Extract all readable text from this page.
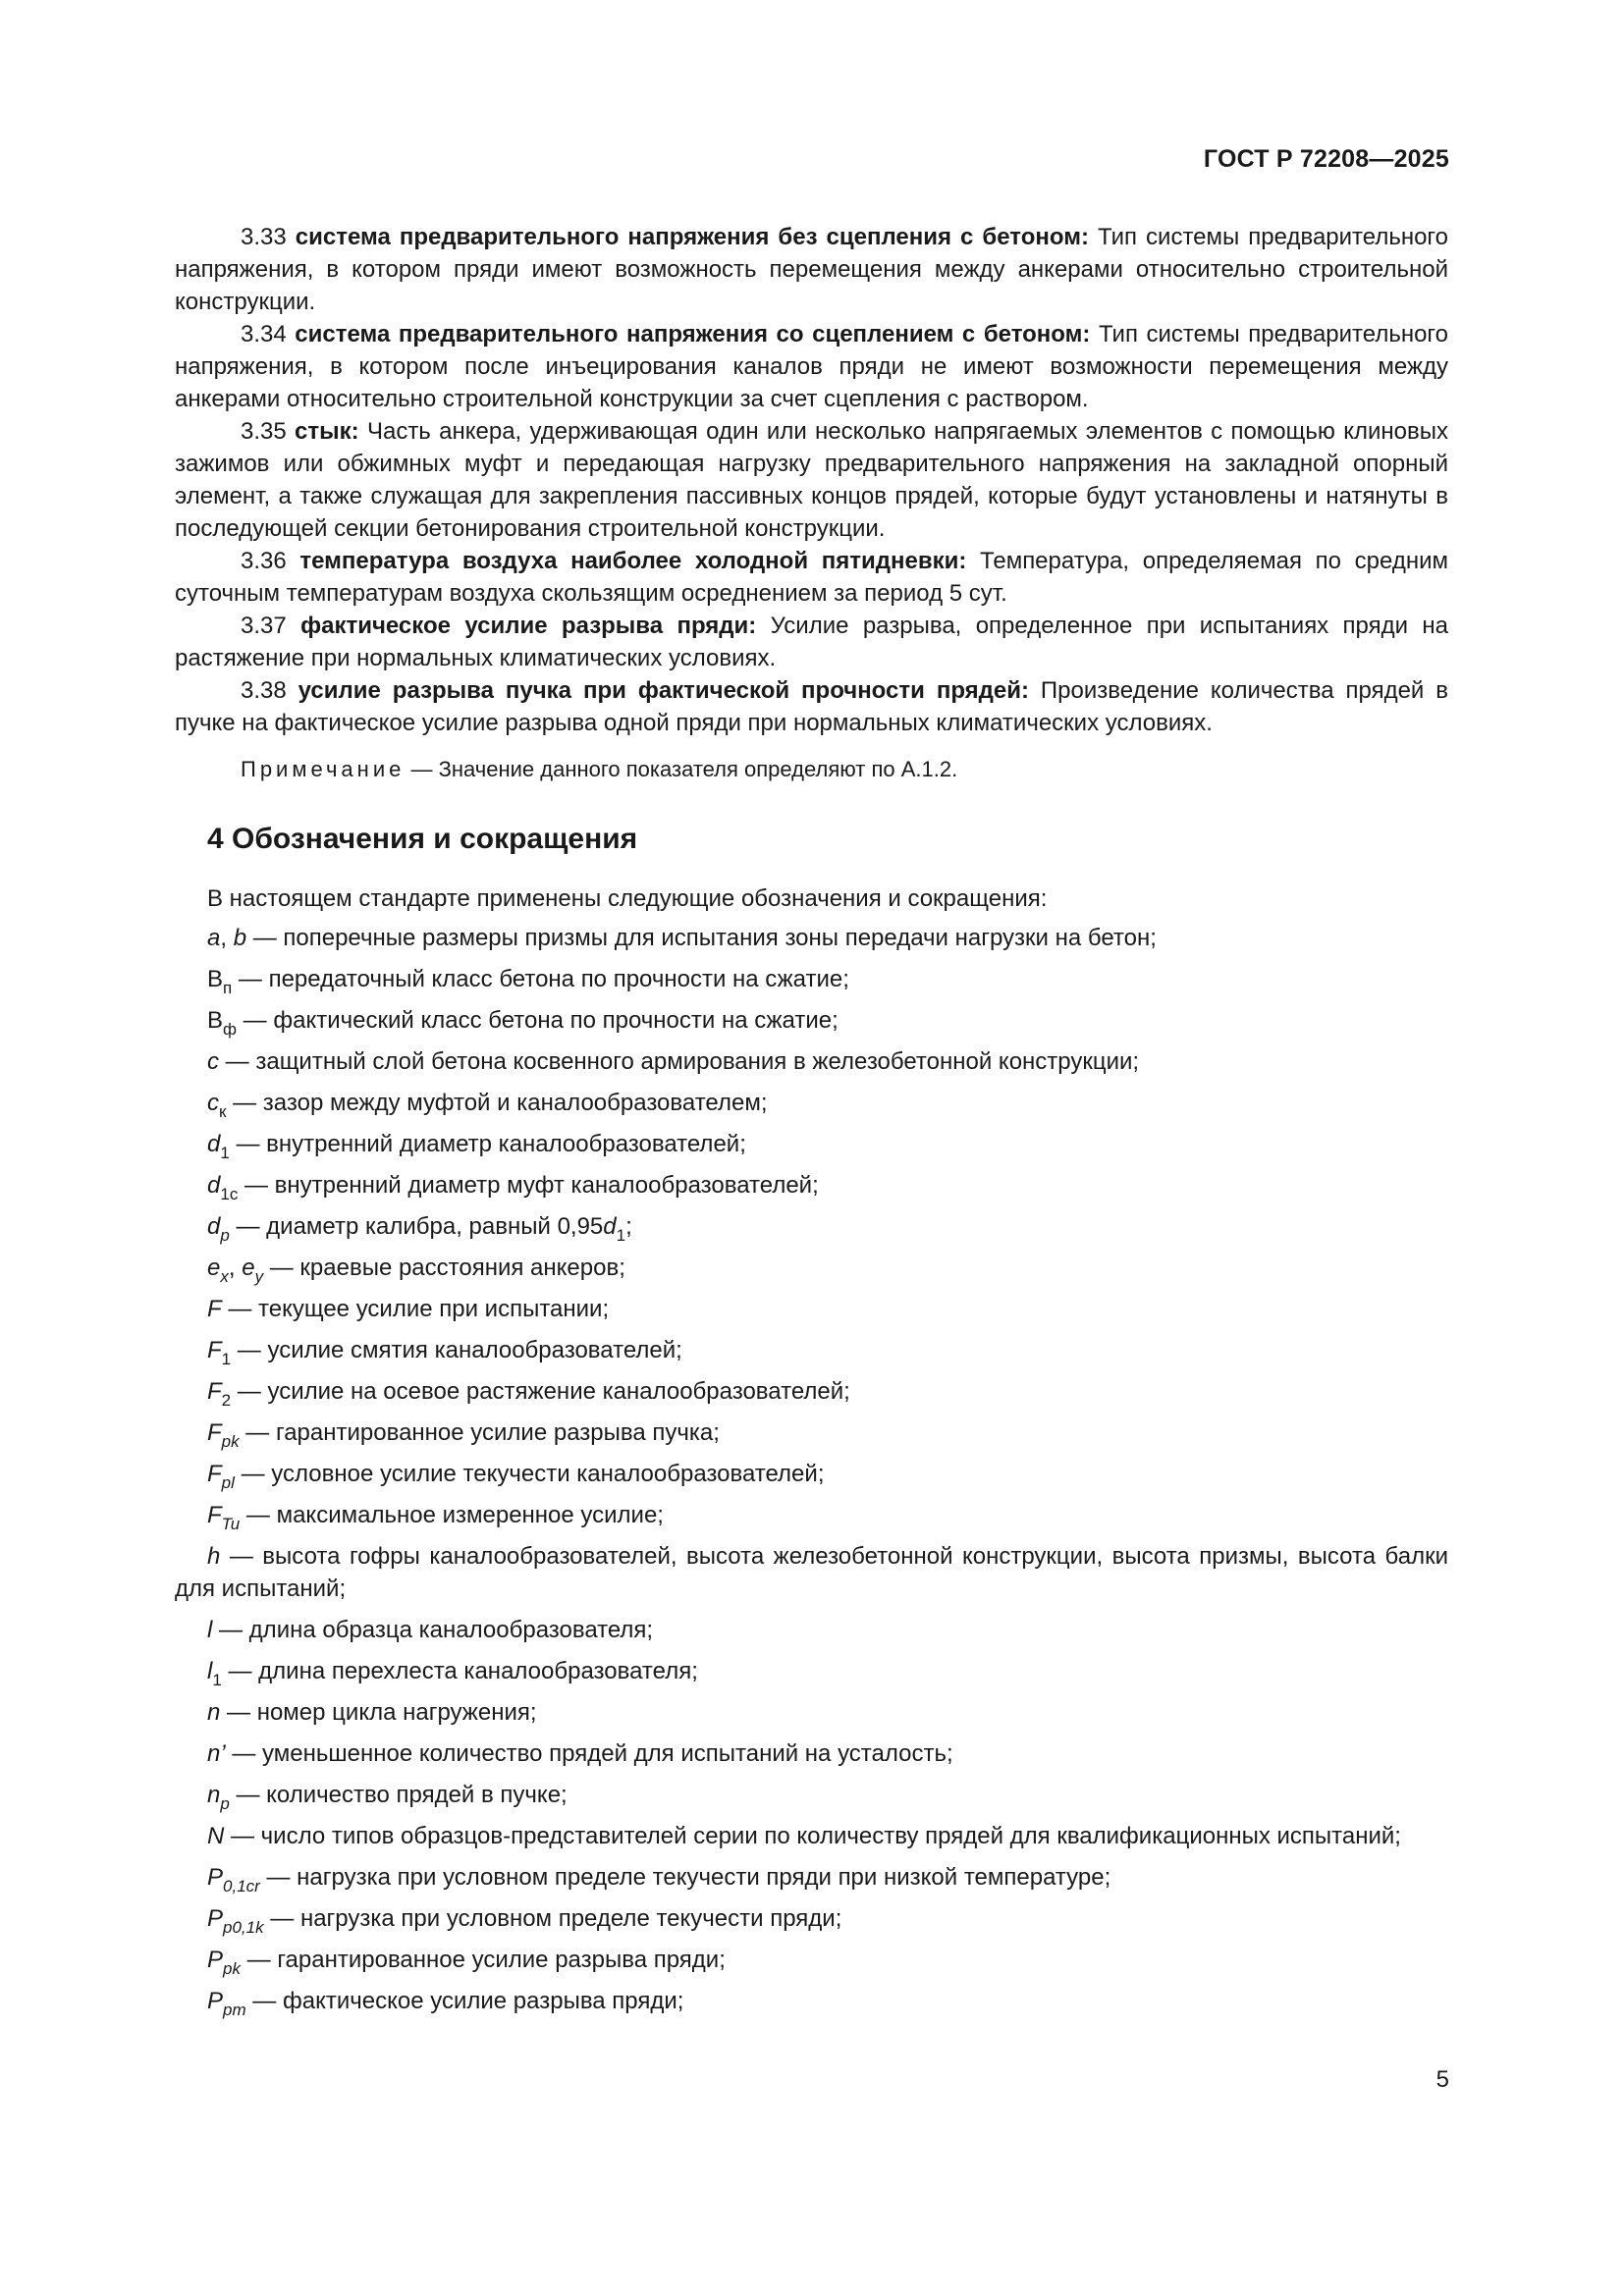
ГОСТ Р 72208—2025

3.33 система предварительного напряжения без сцепления с бетоном: Тип системы предварительного напряжения, в котором пряди имеют возможность перемещения между анкерами относительно строительной конструкции.

3.34 система предварительного напряжения со сцеплением с бетоном: Тип системы предварительного напряжения, в котором после инъецирования каналов пряди не имеют возможности перемещения между анкерами относительно строительной конструкции за счет сцепления с раствором.

3.35 стык: Часть анкера, удерживающая один или несколько напрягаемых элементов с помощью клиновых зажимов или обжимных муфт и передающая нагрузку предварительного напряжения на закладной опорный элемент, а также служащая для закрепления пассивных концов прядей, которые будут установлены и натянуты в последующей секции бетонирования строительной конструкции.

3.36 температура воздуха наиболее холодной пятидневки: Температура, определяемая по средним суточным температурам воздуха скользящим осреднением за период 5 сут.

3.37 фактическое усилие разрыва пряди: Усилие разрыва, определенное при испытаниях пряди на растяжение при нормальных климатических условиях.

3.38 усилие разрыва пучка при фактической прочности прядей: Произведение количества прядей в пучке на фактическое усилие разрыва одной пряди при нормальных климатических условиях.

Примечание — Значение данного показателя определяют по А.1.2.

4 Обозначения и сокращения

В настоящем стандарте применены следующие обозначения и сокращения:

a, b — поперечные размеры призмы для испытания зоны передачи нагрузки на бетон;

$В_п$ — передаточный класс бетона по прочности на сжатие;

$В_ф$ — фактический класс бетона по прочности на сжатие;

c — защитный слой бетона косвенного армирования в железобетонной конструкции;

$c_к$ — зазор между муфтой и каналообразователем;

$d_1$ — внутренний диаметр каналообразователей;

$d_{1c}$ — внутренний диаметр муфт каналообразователей;

$d_p$ — диаметр калибра, равный $0,95d_1$;

$e_x$, $e_y$ — краевые расстояния анкеров;

F — текущее усилие при испытании;

$F_1$ — усилие смятия каналообразователей;

$F_2$ — усилие на осевое растяжение каналообразователей;

$F_{pk}$ — гарантированное усилие разрыва пучка;

$F_{pl}$ — условное усилие текучести каналообразователей;

$F_{Tu}$ — максимальное измеренное усилие;

h — высота гофры каналообразователей, высота железобетонной конструкции, высота призмы, высота балки для испытаний;

l — длина образца каналообразователя;

$l_1$ — длина перехлеста каналообразователя;

n — номер цикла нагружения;

n’ — уменьшенное количество прядей для испытаний на усталость;

$n_p$ — количество прядей в пучке;

N — число типов образцов-представителей серии по количеству прядей для квалификационных испытаний;

$P_{0,1cr}$ — нагрузка при условном пределе текучести пряди при низкой температуре;

$P_{p0,1k}$ — нагрузка при условном пределе текучести пряди;

$P_{pk}$ — гарантированное усилие разрыва пряди;

$P_{pm}$ — фактическое усилие разрыва пряди;

5
